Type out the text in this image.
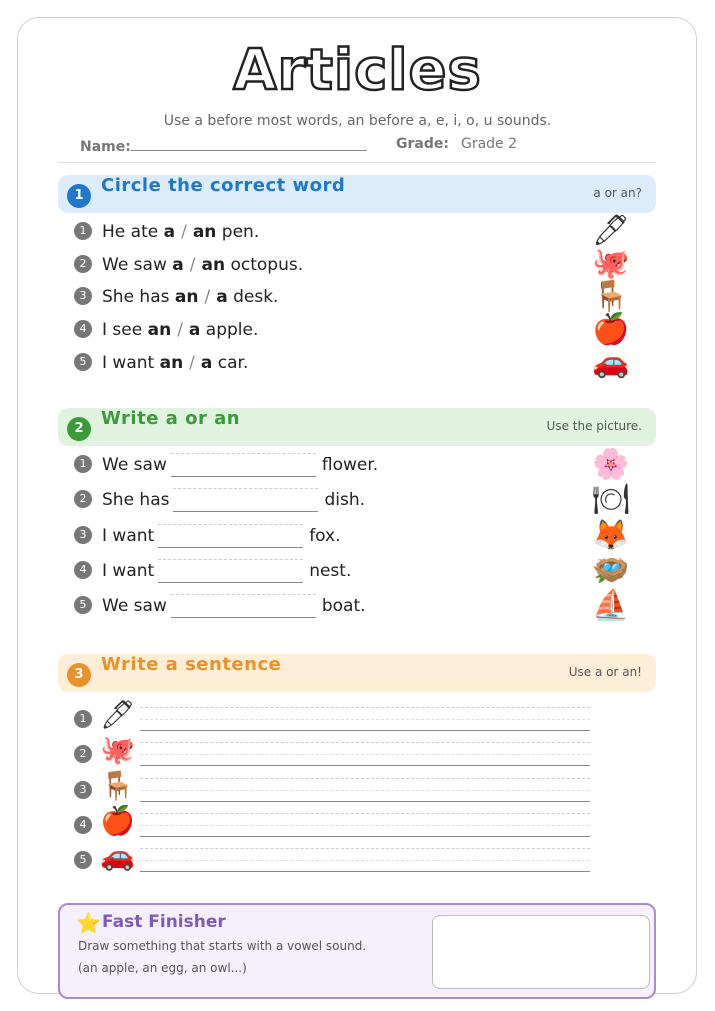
Articles
Use a before most words, an before a, e, i, o, u sounds.
Name:	Grade: Grade 2
1 Circle the correct word	a or an?
1 He ate a / an pen.	🖊
2 We saw a / an octopus.	🐙
3 She has an / a desk.	🪑
4 I see an / a apple.	🍎
5 I want an / a car.	🚗
2 Write a or an	Use the picture.
1 We saw	flower.	🌸
2 She has	dish.	🍽
3 I want	fox.	🦊
4 I want	nest.	🪺
5 We saw	boat.	⛵
3 Write a sentence	Use a or an!
1 🖊
2 🐙
3 🪑
4 🍎
5 🚗
⭐ Fast Finisher
Draw something that starts with a vowel sound.
(an apple, an egg, an owl...)
